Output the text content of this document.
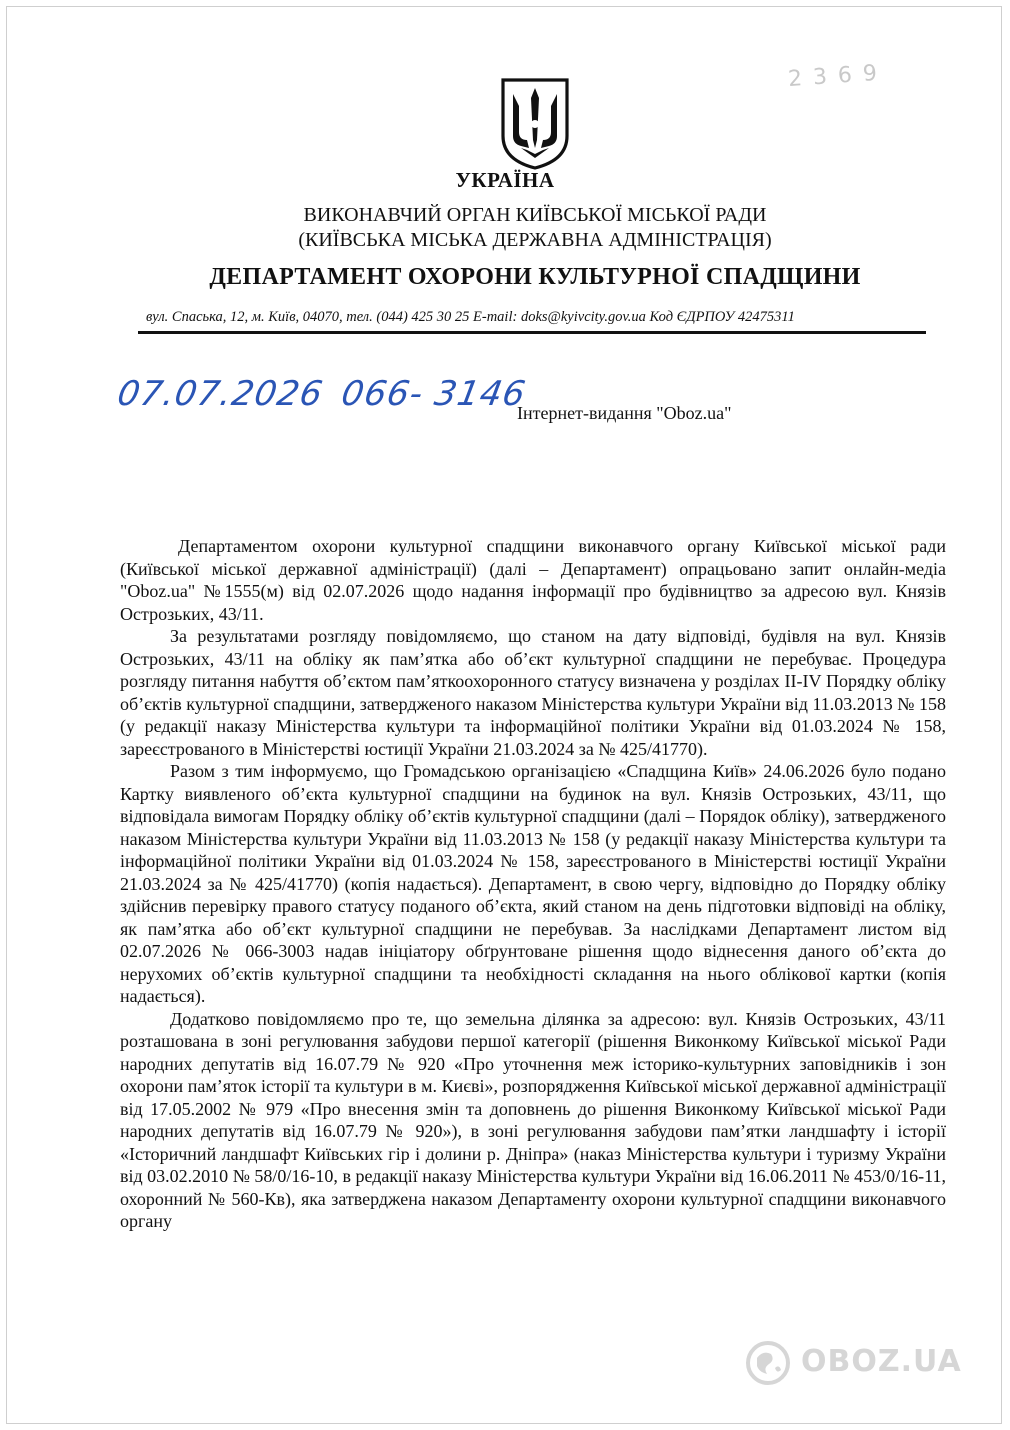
2 3 6 9
УКРАЇНА
ВИКОНАВЧИЙ ОРГАН КИЇВСЬКОЇ МІСЬКОЇ РАДИ
(КИЇВСЬКА МІСЬКА ДЕРЖАВНА АДМІНІСТРАЦІЯ)
ДЕПАРТАМЕНТ ОХОРОНИ КУЛЬТУРНОЇ СПАДЩИНИ
вул. Спаська, 12, м. Київ, 04070, тел. (044) 425 30 25 E-mail: doks@kyivcity.gov.ua Код ЄДРПОУ 42475311
07.07.2026 066- 3146
Інтернет-видання "Oboz.ua"

Департаментом охорони культурної спадщини виконавчого органу Київської міської ради (Київської міської державної адміністрації) (далі – Департамент) опрацьовано запит онлайн-медіа "Oboz.ua" №1555(м) від 02.07.2026 щодо надання інформації про будівництво за адресою вул. Князів Острозьких, 43/11.

За результатами розгляду повідомляємо, що станом на дату відповіді, будівля на вул. Князів Острозьких, 43/11 на обліку як пам’ятка або об’єкт культурної спадщини не перебуває. Процедура розгляду питання набуття об’єктом пам’яткоохоронного статусу визначена у розділах II-IV Порядку обліку об’єктів культурної спадщини, затвердженого наказом Міністерства культури України від 11.03.2013 № 158 (у редакції наказу Міністерства культури та інформаційної політики України від 01.03.2024 № 158, зареєстрованого в Міністерстві юстиції України 21.03.2024 за № 425/41770).

Разом з тим інформуємо, що Громадською організацією «Спадщина Київ» 24.06.2026 було подано Картку виявленого об’єкта культурної спадщини на будинок на вул. Князів Острозьких, 43/11, що відповідала вимогам Порядку обліку об’єктів культурної спадщини (далі – Порядок обліку), затвердженого наказом Міністерства культури України від 11.03.2013 № 158 (у редакції наказу Міністерства культури та інформаційної політики України від 01.03.2024 № 158, зареєстрованого в Міністерстві юстиції України 21.03.2024 за № 425/41770) (копія надається). Департамент, в свою чергу, відповідно до Порядку обліку здійснив перевірку правого статусу поданого об’єкта, який станом на день підготовки відповіді на обліку, як пам’ятка або об’єкт культурної спадщини не перебував. За наслідками Департамент листом від 02.07.2026 № 066-3003 надав ініціатору обґрунтоване рішення щодо віднесення даного об’єкта до нерухомих об’єктів культурної спадщини та необхідності складання на нього облікової картки (копія надається).

Додатково повідомляємо про те, що земельна ділянка за адресою: вул. Князів Острозьких, 43/11 розташована в зоні регулювання забудови першої категорії (рішення Виконкому Київської міської Ради народних депутатів від 16.07.79 № 920 «Про уточнення меж історико-культурних заповідників і зон охорони пам’яток історії та культури в м. Києві», розпорядження Київської міської державної адміністрації від 17.05.2002 № 979 «Про внесення змін та доповнень до рішення Виконкому Київської міської Ради народних депутатів від 16.07.79 № 920»), в зоні регулювання забудови пам’ятки ландшафту і історії «Історичний ландшафт Київських гір і долини р. Дніпра» (наказ Міністерства культури і туризму України від 03.02.2010 № 58/0/16-10, в редакції наказу Міністерства культури України від 16.06.2011 № 453/0/16-11, охоронний № 560-Кв), яка затверджена наказом Департаменту охорони культурної спадщини виконавчого органу

OBOZ.UA
